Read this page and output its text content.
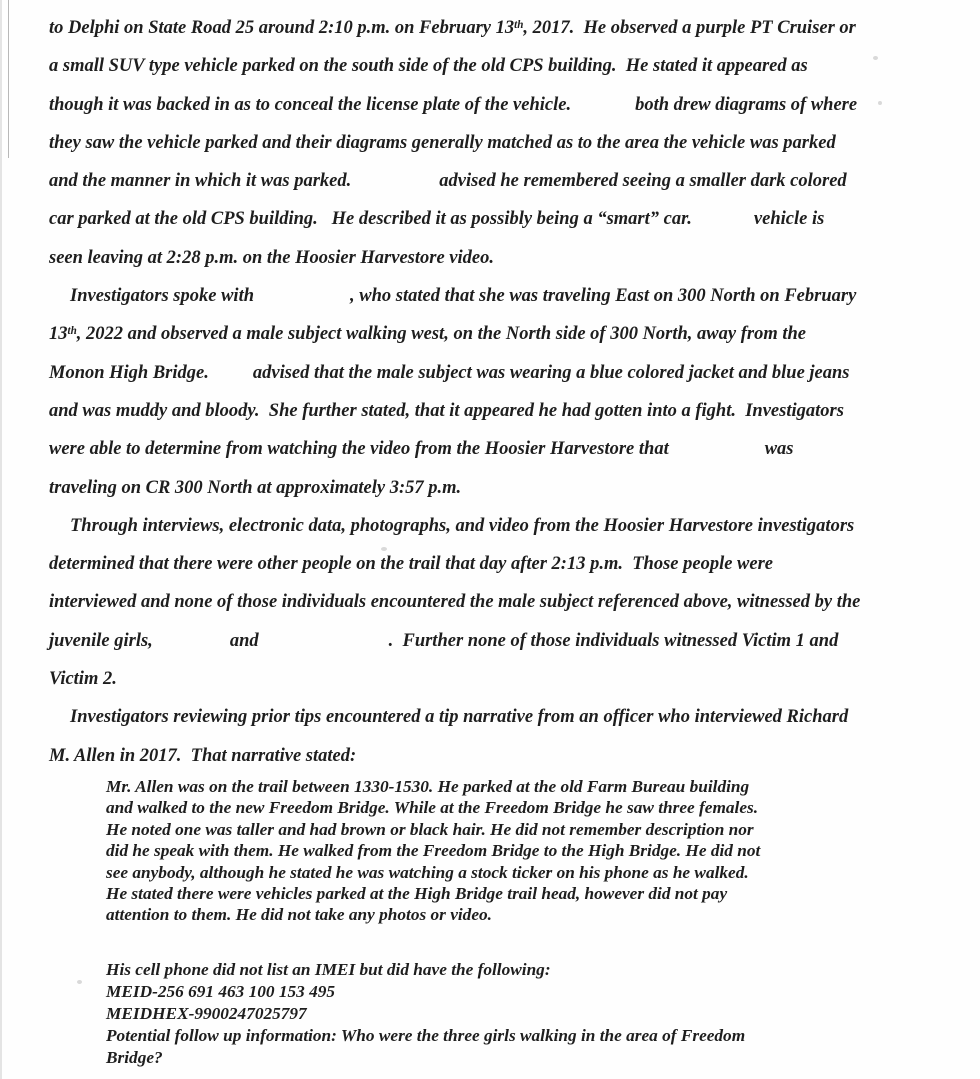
to Delphi on State Road 25 around 2:10 p.m. on February 13th, 2017.  He observed a purple PT Cruiser or
a small SUV type vehicle parked on the south side of the old CPS building.  He stated it appeared as
though it was backed in as to conceal the license plate of the vehicle.	both drew diagrams of where
they saw the vehicle parked and their diagrams generally matched as to the area the vehicle was parked
and the manner in which it was parked.	advised he remembered seeing a smaller dark colored
car parked at the old CPS building.   He described it as possibly being a “smart” car.	vehicle is
seen leaving at 2:28 p.m. on the Hoosier Harvestore video.
Investigators spoke with	, who stated that she was traveling East on 300 North on February
13th, 2022 and observed a male subject walking west, on the North side of 300 North, away from the
Monon High Bridge. advised that the male subject was wearing a blue colored jacket and blue jeans
and was muddy and bloody.  She further stated, that it appeared he had gotten into a fight.  Investigators
were able to determine from watching the video from the Hoosier Harvestore that	was
traveling on CR 300 North at approximately 3:57 p.m.
Through interviews, electronic data, photographs, and video from the Hoosier Harvestore investigators
determined that there were other people on the trail that day after 2:13 p.m.  Those people were
interviewed and none of those individuals encountered the male subject referenced above, witnessed by the
juvenile girls,	and	.  Further none of those individuals witnessed Victim 1 and
Victim 2.
Investigators reviewing prior tips encountered a tip narrative from an officer who interviewed Richard
M. Allen in 2017.  That narrative stated:
Mr. Allen was on the trail between 1330-1530. He parked at the old Farm Bureau building
and walked to the new Freedom Bridge. While at the Freedom Bridge he saw three females.
He noted one was taller and had brown or black hair. He did not remember description nor
did he speak with them. He walked from the Freedom Bridge to the High Bridge. He did not
see anybody, although he stated he was watching a stock ticker on his phone as he walked.
He stated there were vehicles parked at the High Bridge trail head, however did not pay
attention to them. He did not take any photos or video.
His cell phone did not list an IMEI but did have the following:
MEID-256 691 463 100 153 495
MEIDHEX-9900247025797
Potential follow up information: Who were the three girls walking in the area of Freedom
Bridge?
